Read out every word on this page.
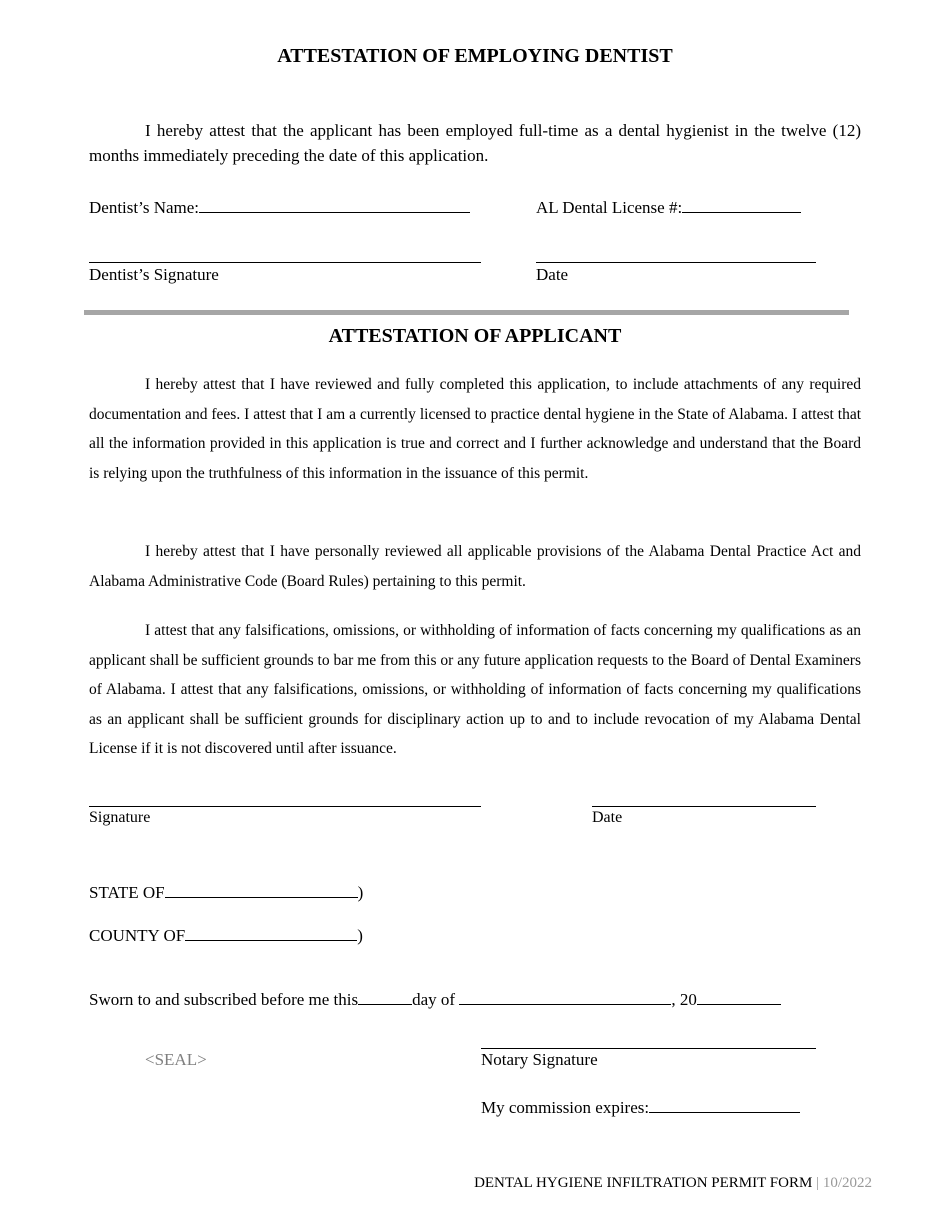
ATTESTATION OF EMPLOYING DENTIST
I hereby attest that the applicant has been employed full-time as a dental hygienist in the twelve (12) months immediately preceding the date of this application.
Dentist’s Name:	AL Dental License #:
Dentist’s Signature	Date
ATTESTATION OF APPLICANT
I hereby attest that I have reviewed and fully completed this application, to include attachments of any required documentation and fees. I attest that I am a currently licensed to practice dental hygiene in the State of Alabama. I attest that all the information provided in this application is true and correct and I further acknowledge and understand that the Board is relying upon the truthfulness of this information in the issuance of this permit.
I hereby attest that I have personally reviewed all applicable provisions of the Alabama Dental Practice Act and Alabama Administrative Code (Board Rules) pertaining to this permit.
I attest that any falsifications, omissions, or withholding of information of facts concerning my qualifications as an applicant shall be sufficient grounds to bar me from this or any future application requests to the Board of Dental Examiners of Alabama. I attest that any falsifications, omissions, or withholding of information of facts concerning my qualifications as an applicant shall be sufficient grounds for disciplinary action up to and to include revocation of my Alabama Dental License if it is not discovered until after issuance.
Signature	Date
STATE OF	)
COUNTY OF	)
Sworn to and subscribed before me this	day of	, 20
<SEAL>	Notary Signature
My commission expires:
DENTAL HYGIENE INFILTRATION PERMIT FORM | 10/2022
